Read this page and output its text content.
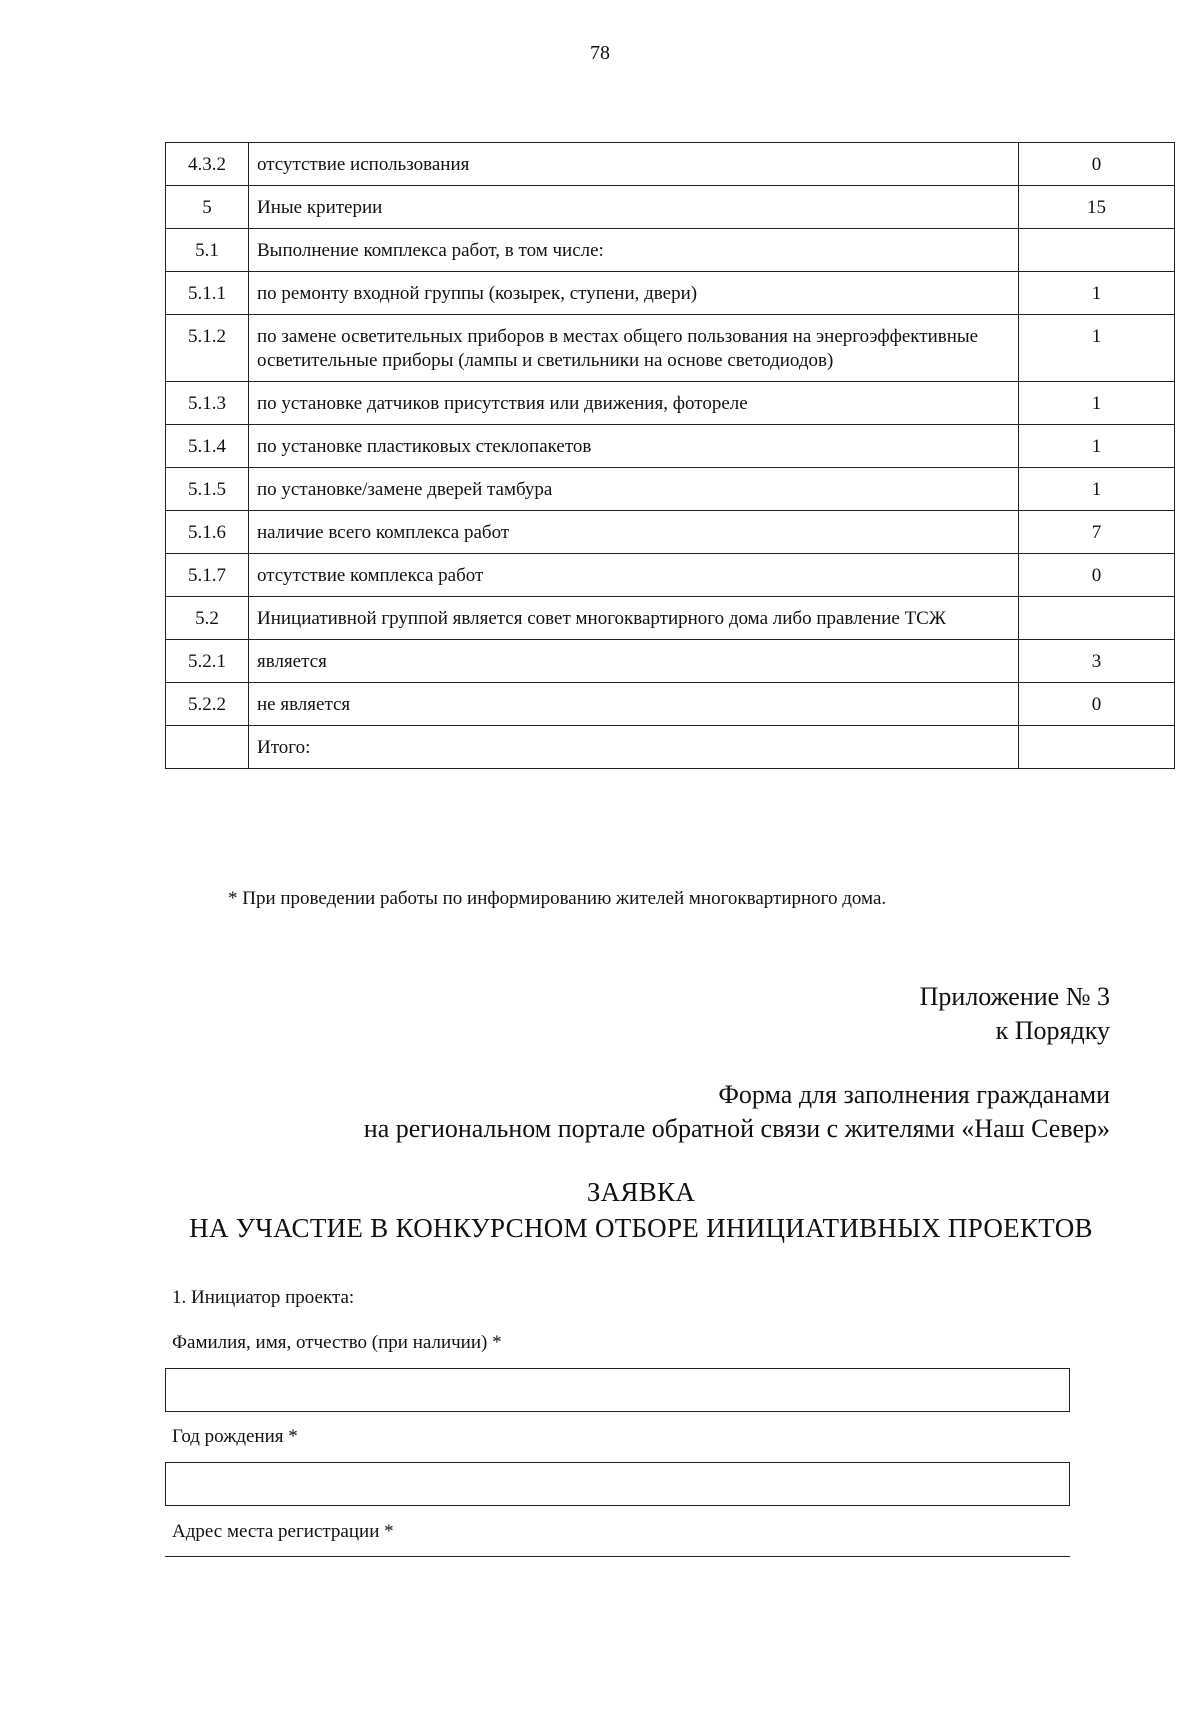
78
4.3.2	отсутствие использования	0
5	Иные критерии	15
5.1	Выполнение комплекса работ, в том числе:	
5.1.1	по ремонту входной группы (козырек, ступени, двери)	1
5.1.2	по замене осветительных приборов в местах общего пользования на энергоэффективные осветительные приборы (лампы и светильники на основе светодиодов)	1
5.1.3	по установке датчиков присутствия или движения, фотореле	1
5.1.4	по установке пластиковых стеклопакетов	1
5.1.5	по установке/замене дверей тамбура	1
5.1.6	наличие всего комплекса работ	7
5.1.7	отсутствие комплекса работ	0
5.2	Инициативной группой является совет многоквартирного дома либо правление ТСЖ	
5.2.1	является	3
5.2.2	не является	0
	Итого:	
* При проведении работы по информированию жителей многоквартирного дома.
Приложение № 3
к Порядку
Форма для заполнения гражданами
на региональном портале обратной связи с жителями «Наш Север»
ЗАЯВКА
НА УЧАСТИЕ В КОНКУРСНОМ ОТБОРЕ ИНИЦИАТИВНЫХ ПРОЕКТОВ
1. Инициатор проекта:
Фамилия, имя, отчество (при наличии) *
Год рождения *
Адрес места регистрации *
